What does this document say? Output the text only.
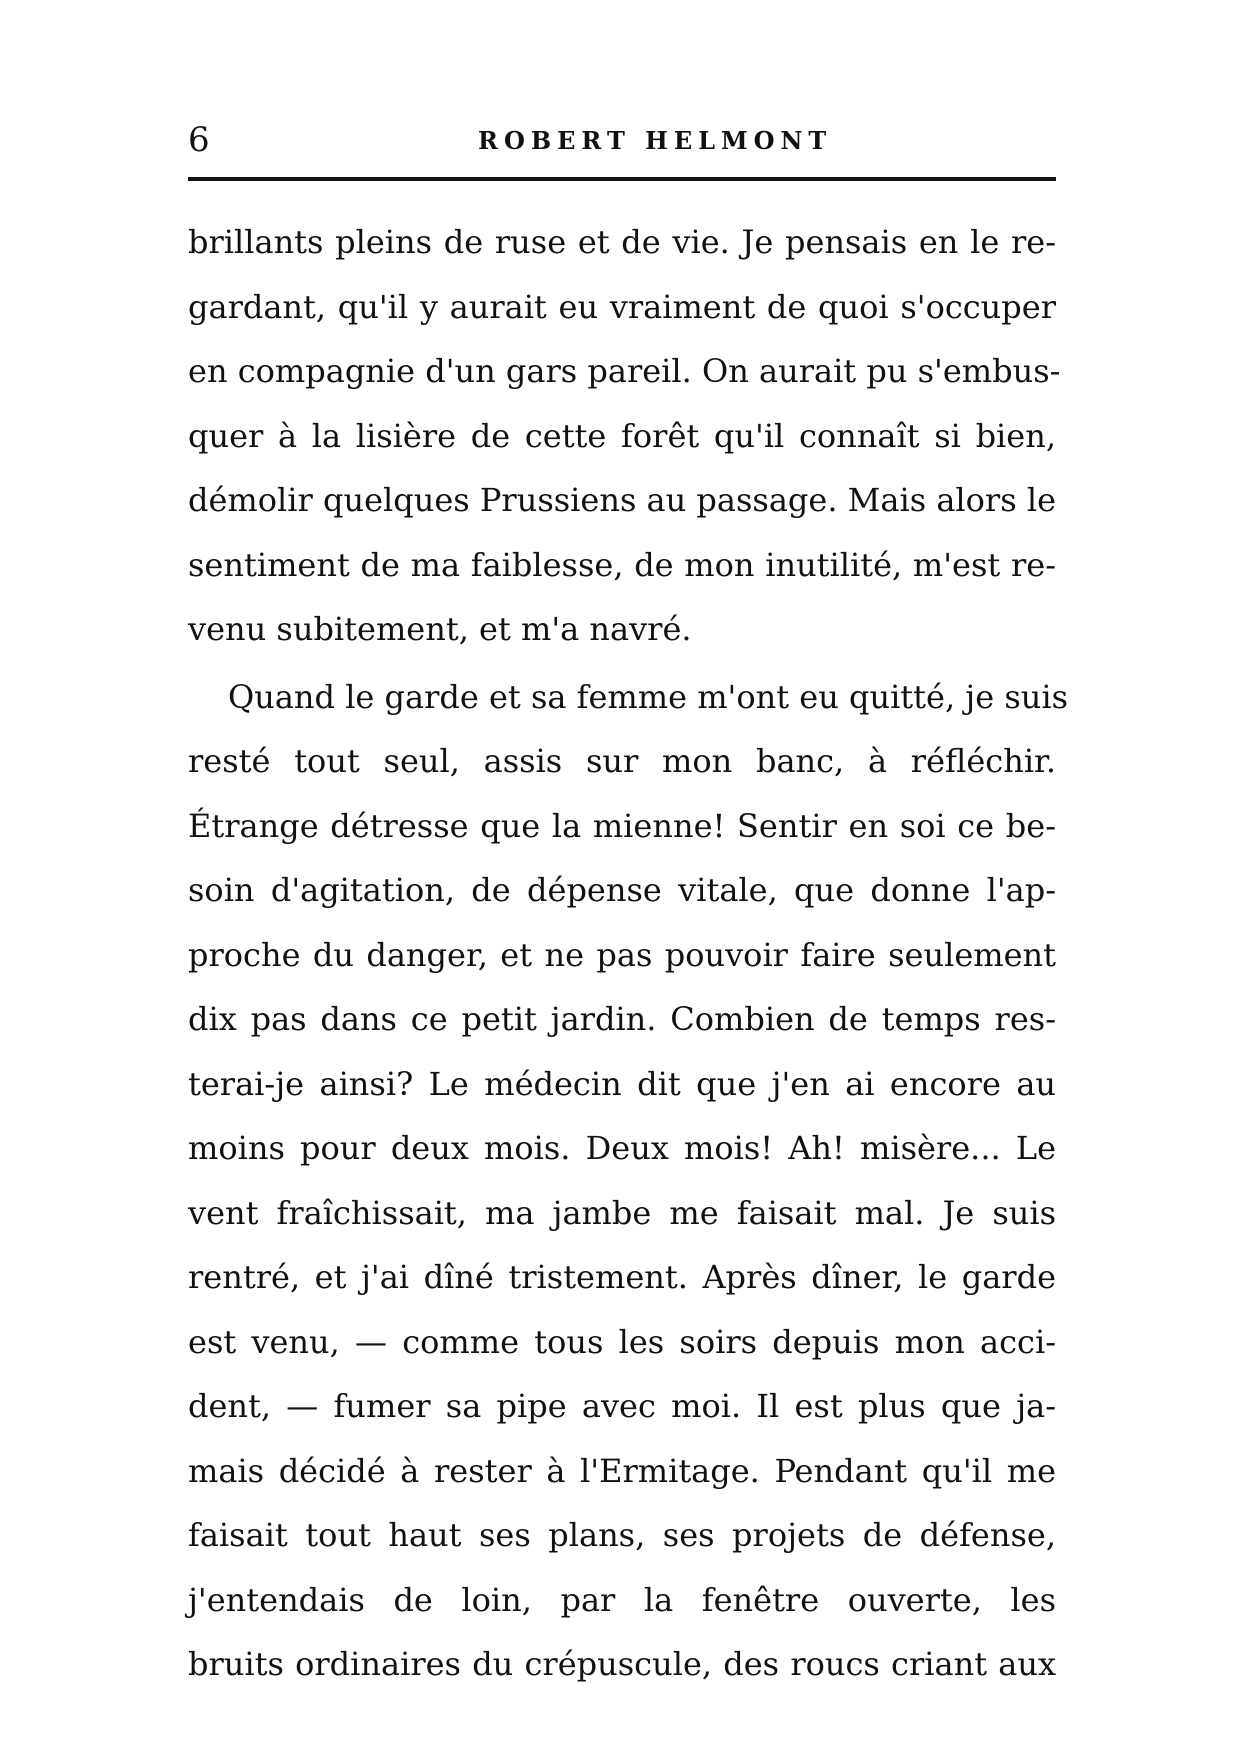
6	ROBERT HELMONT
brillants pleins de ruse et de vie. Je pensais en le re-
gardant, qu'il y aurait eu vraiment de quoi s'occuper
en compagnie d'un gars pareil. On aurait pu s'embus-
quer à la lisière de cette forêt qu'il connaît si bien,
démolir quelques Prussiens au passage. Mais alors le
sentiment de ma faiblesse, de mon inutilité, m'est re-
venu subitement, et m'a navré.
Quand le garde et sa femme m'ont eu quitté, je suis
resté tout seul, assis sur mon banc, à réfléchir.
Étrange détresse que la mienne! Sentir en soi ce be-
soin d'agitation, de dépense vitale, que donne l'ap-
proche du danger, et ne pas pouvoir faire seulement
dix pas dans ce petit jardin. Combien de temps res-
terai-je ainsi? Le médecin dit que j'en ai encore au
moins pour deux mois. Deux mois! Ah! misère... Le
vent fraîchissait, ma jambe me faisait mal. Je suis
rentré, et j'ai dîné tristement. Après dîner, le garde
est venu, — comme tous les soirs depuis mon acci-
dent, — fumer sa pipe avec moi. Il est plus que ja-
mais décidé à rester à l'Ermitage. Pendant qu'il me
faisait tout haut ses plans, ses projets de défense,
j'entendais de loin, par la fenêtre ouverte, les
bruits ordinaires du crépuscule, des roucs criant aux
